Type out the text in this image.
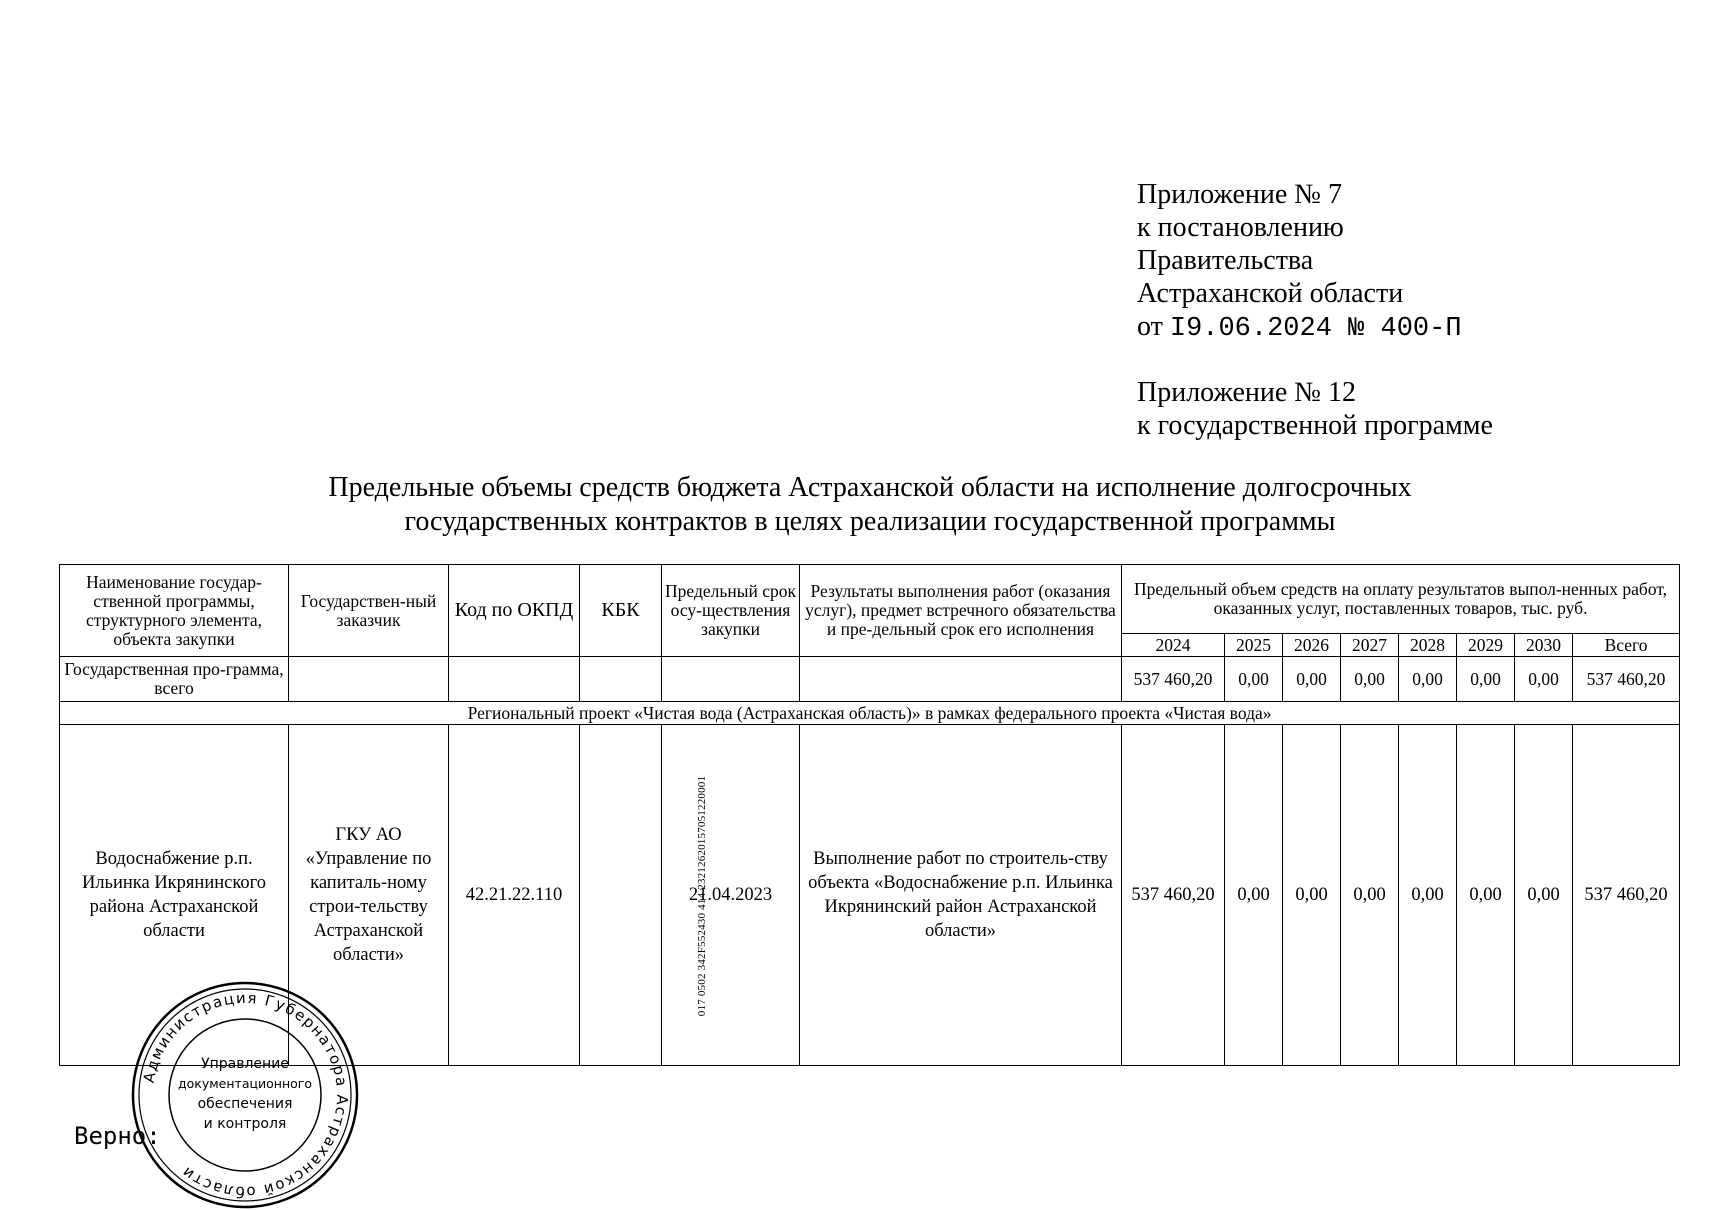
Приложение № 7
к постановлению
Правительства
Астраханской области
от I9.06.2024 № 400-П
Приложение № 12
к государственной программе
Предельные объемы средств бюджета Астраханской области на исполнение долгосрочных
государственных контрактов в целях реализации государственной программы
Наименование государ-ственной программы, структурного элемента, объекта закупки	Государствен-ный заказчик	Код по ОКПД	КБК	Предельный срок осу-ществления закупки	Результаты выполнения работ (оказания услуг), предмет встречного обязательства и пре-дельный срок его исполнения	Предельный объем средств на оплату результатов выпол-ненных работ, оказанных услуг, поставленных товаров, тыс. руб.							
						2024	2025	2026	2027	2028	2029	2030	Всего
Государственная про-грамма, всего						537 460,20	0,00	0,00	0,00	0,00	0,00	0,00	537 460,20
Региональный проект «Чистая вода (Астраханская область)» в рамках федерального проекта «Чистая вода»													
Водоснабжение р.п. Ильинка Икрянинского района Астраханской области	ГКУ АО «Управление по капиталь-ному строи-тельству Астраханской области»	42.21.22.110	017 0502 342F552430 414 23212620157051220001	21.04.2023	Выполнение работ по строитель-ству объекта «Водоснабжение р.п. Ильинка Икрянинский район Астраханской области»	537 460,20	0,00	0,00	0,00	0,00	0,00	0,00	537 460,20
Верно:
Администрация Губернатора Астраханской области
Управление
документационного
обеспечения
и контроля
